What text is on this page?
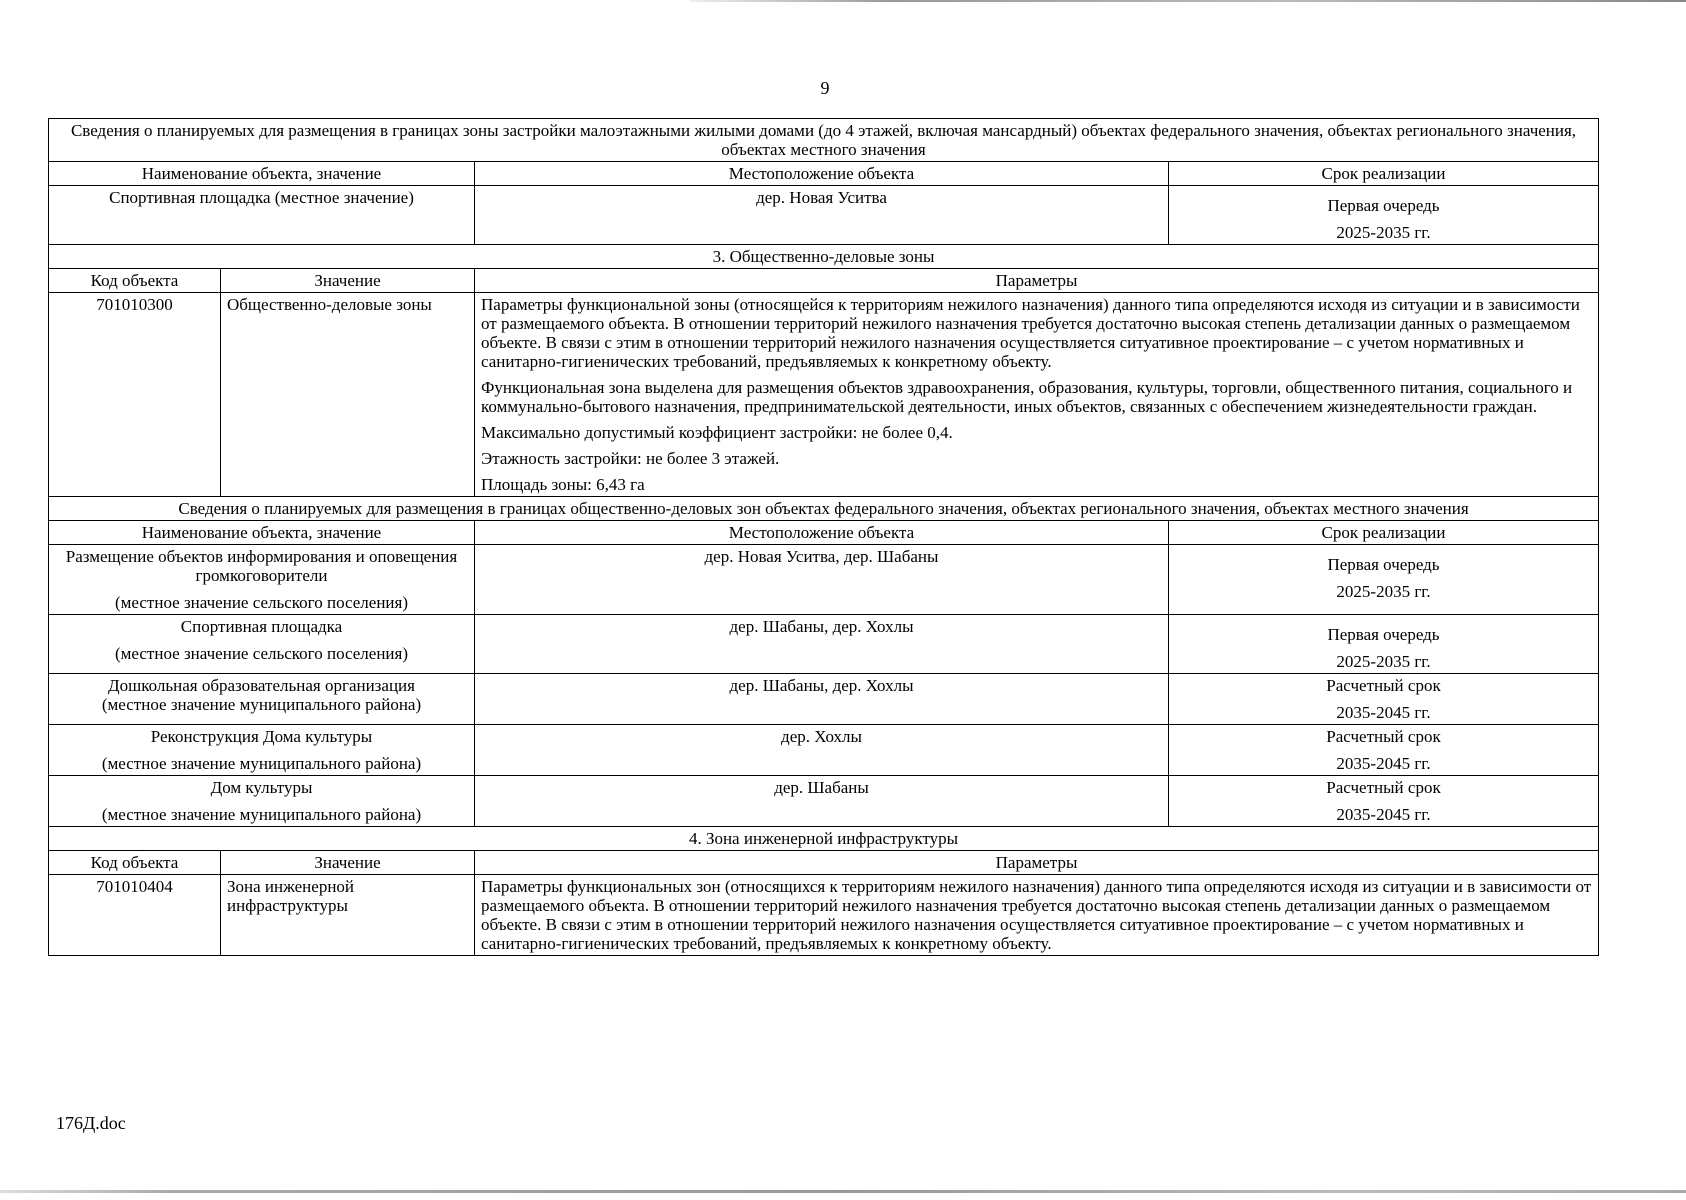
9
Сведения о планируемых для размещения в границах зоны застройки малоэтажными жилыми домами (до 4 этажей, включая мансардный) объектах федерального значения, объектах регионального значения, объектах местного значения			
Наименование объекта, значение		Местоположение объекта	Срок реализации
Спортивная площадка (местное значение)		дер. Новая Уситва	Первая очередь
2025-2035 гг.

3. Общественно-деловые зоны			
Код объекта	Значение	Параметры	
701010300	Общественно-деловые зоны	Параметры функциональной зоны (относящейся к территориям нежилого назначения) данного типа определяются исходя из ситуации и в зависимости от размещаемого объекта. В отношении территорий нежилого назначения требуется достаточно высокая степень детализации данных о размещаемом объекте. В связи с этим в отношении территорий нежилого назначения осуществляется ситуативное проектирование – с учетом нормативных и санитарно-гигиенических требований, предъявляемых к конкретному объекту.

Функциональная зона выделена для размещения объектов здравоохранения, образования, культуры, торговли, общественного питания, социального и коммунально-бытового назначения, предпринимательской деятельности, иных объектов, связанных с обеспечением жизнедеятельности граждан.

Максимально допустимый коэффициент застройки: не более 0,4.

Этажность застройки: не более 3 этажей.

Площадь зоны: 6,43 га	

Сведения о планируемых для размещения в границах общественно-деловых зон объектах федерального значения, объектах регионального значения, объектах местного значения			
Наименование объекта, значение		Местоположение объекта	Срок реализации

Размещение объектов информирования и оповещения громкоговорители
(местное значение сельского поселения)		дер. Новая Уситва, дер. Шабаны	Первая очередь
2025-2035 гг.

Спортивная площадка
(местное значение сельского поселения)		дер. Шабаны, дер. Хохлы	Первая очередь
2025-2035 гг.

Дошкольная образовательная организация
(местное значение муниципального района)		дер. Шабаны, дер. Хохлы	Расчетный срок
2035-2045 гг.

Реконструкция Дома культуры
(местное значение муниципального района)		дер. Хохлы	Расчетный срок
2035-2045 гг.

Дом культуры
(местное значение муниципального района)		дер. Шабаны	Расчетный срок
2035-2045 гг.

4. Зона инженерной инфраструктуры			
Код объекта	Значение	Параметры	
701010404	Зона инженерной инфраструктуры	Параметры функциональных зон (относящихся к территориям нежилого назначения) данного типа определяются исходя из ситуации и в зависимости от размещаемого объекта. В отношении территорий нежилого назначения требуется достаточно высокая степень детализации данных о размещаемом объекте. В связи с этим в отношении территорий нежилого назначения осуществляется ситуативное проектирование – с учетом нормативных и санитарно-гигиенических требований, предъявляемых к конкретному объекту.	

176Д.doc
